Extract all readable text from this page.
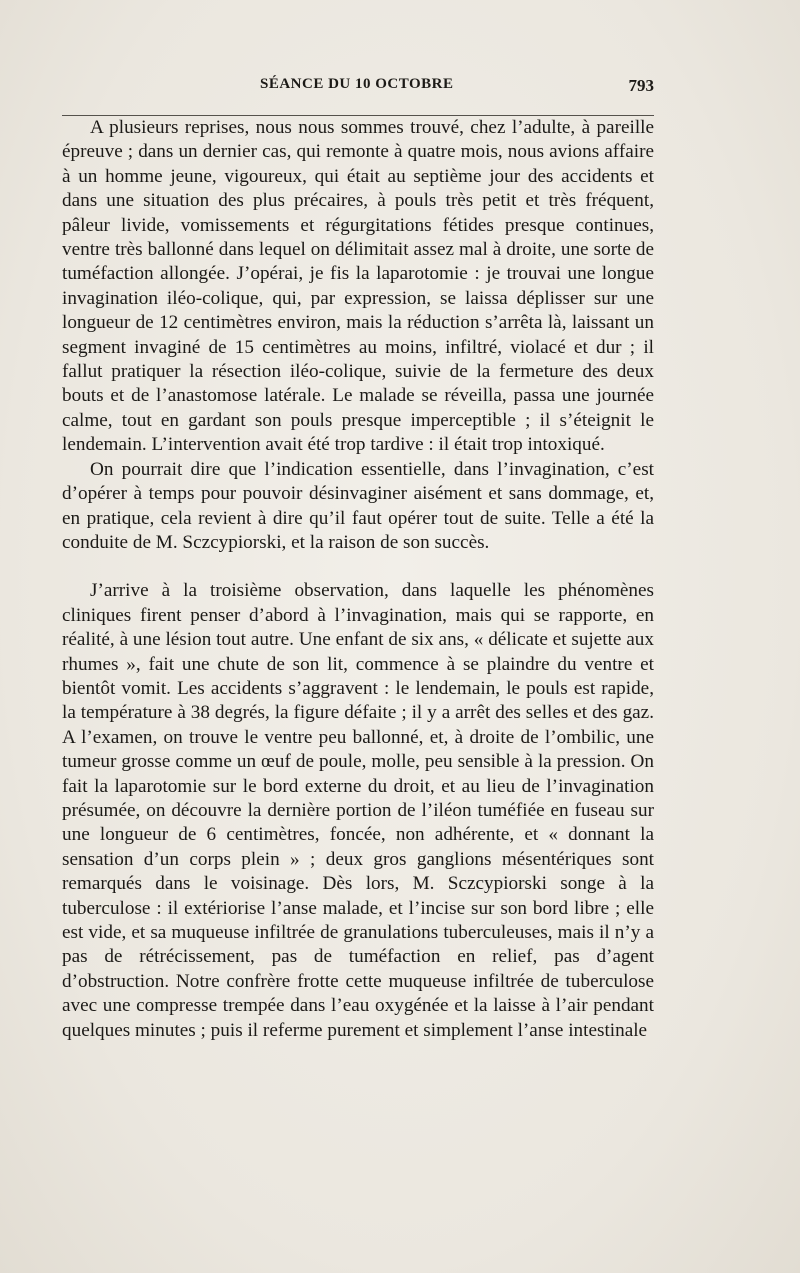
SÉANCE DU 10 OCTOBRE	793

A plusieurs reprises, nous nous sommes trouvé, chez l’adulte, à pareille épreuve ; dans un dernier cas, qui remonte à quatre mois, nous avions affaire à un homme jeune, vigoureux, qui était au septième jour des accidents et dans une situation des plus précaires, à pouls très petit et très fréquent, pâleur livide, vomissements et régurgitations fétides presque continues, ventre très ballonné dans lequel on délimitait assez mal à droite, une sorte de tuméfaction allongée. J’opérai, je fis la laparotomie : je trouvai une longue invagination iléo-colique, qui, par expression, se laissa déplisser sur une longueur de 12 centimètres environ, mais la réduction s’arrêta là, laissant un segment invaginé de 15 centimètres au moins, infiltré, violacé et dur ; il fallut pratiquer la résection iléo-colique, suivie de la fermeture des deux bouts et de l’anastomose latérale. Le malade se réveilla, passa une journée calme, tout en gardant son pouls presque imperceptible ; il s’éteignit le lendemain. L’intervention avait été trop tardive : il était trop intoxiqué.

On pourrait dire que l’indication essentielle, dans l’invagination, c’est d’opérer à temps pour pouvoir désinvaginer aisément et sans dommage, et, en pratique, cela revient à dire qu’il faut opérer tout de suite. Telle a été la conduite de M. Sczcypiorski, et la raison de son succès.

J’arrive à la troisième observation, dans laquelle les phénomènes cliniques firent penser d’abord à l’invagination, mais qui se rapporte, en réalité, à une lésion tout autre. Une enfant de six ans, « délicate et sujette aux rhumes », fait une chute de son lit, commence à se plaindre du ventre et bientôt vomit. Les accidents s’aggravent : le lendemain, le pouls est rapide, la température à 38 degrés, la figure défaite ; il y a arrêt des selles et des gaz. A l’examen, on trouve le ventre peu ballonné, et, à droite de l’ombilic, une tumeur grosse comme un œuf de poule, molle, peu sensible à la pression. On fait la laparotomie sur le bord externe du droit, et au lieu de l’invagination présumée, on découvre la dernière portion de l’iléon tuméfiée en fuseau sur une longueur de 6 centimètres, foncée, non adhérente, et « donnant la sensation d’un corps plein » ; deux gros ganglions mésentériques sont remarqués dans le voisinage. Dès lors, M. Sczcypiorski songe à la tuberculose : il extériorise l’anse malade, et l’incise sur son bord libre ; elle est vide, et sa muqueuse infiltrée de granulations tuberculeuses, mais il n’y a pas de rétrécissement, pas de tuméfaction en relief, pas d’agent d’obstruction. Notre confrère frotte cette muqueuse infiltrée de tuberculose avec une compresse trempée dans l’eau oxygénée et la laisse à l’air pendant quelques minutes ; puis il referme purement et simplement l’anse intestinale
